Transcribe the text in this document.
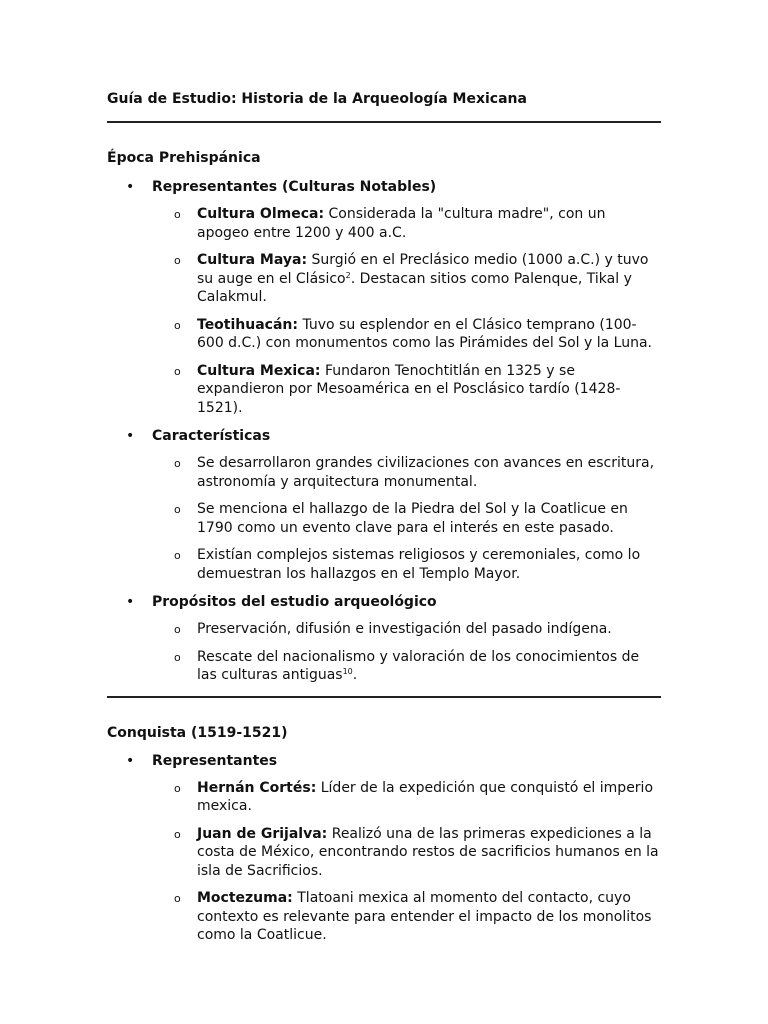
Guía de Estudio: Historia de la Arqueología Mexicana
Época Prehispánica
• Representantes (Culturas Notables)
o Cultura Olmeca: Considerada la "cultura madre", con un apogeo entre 1200 y 400 a.C.
o Cultura Maya: Surgió en el Preclásico medio (1000 a.C.) y tuvo su auge en el Clásico$^2$. Destacan sitios como Palenque, Tikal y Calakmul.
o Teotihuacán: Tuvo su esplendor en el Clásico temprano (100-600 d.C.) con monumentos como las Pirámides del Sol y la Luna.
o Cultura Mexica: Fundaron Tenochtitlán en 1325 y se expandieron por Mesoamérica en el Posclásico tardío (1428-1521).
• Características
o Se desarrollaron grandes civilizaciones con avances en escritura, astronomía y arquitectura monumental.
o Se menciona el hallazgo de la Piedra del Sol y la Coatlicue en 1790 como un evento clave para el interés en este pasado.
o Existían complejos sistemas religiosos y ceremoniales, como lo demuestran los hallazgos en el Templo Mayor.
• Propósitos del estudio arqueológico
o Preservación, difusión e investigación del pasado indígena.
o Rescate del nacionalismo y valoración de los conocimientos de las culturas antiguas$^{10}$.
Conquista (1519-1521)
• Representantes
o Hernán Cortés: Líder de la expedición que conquistó el imperio mexica.
o Juan de Grijalva: Realizó una de las primeras expediciones a la costa de México, encontrando restos de sacrificios humanos en la isla de Sacrificios.
o Moctezuma: Tlatoani mexica al momento del contacto, cuyo contexto es relevante para entender el impacto de los monolitos como la Coatlicue.
